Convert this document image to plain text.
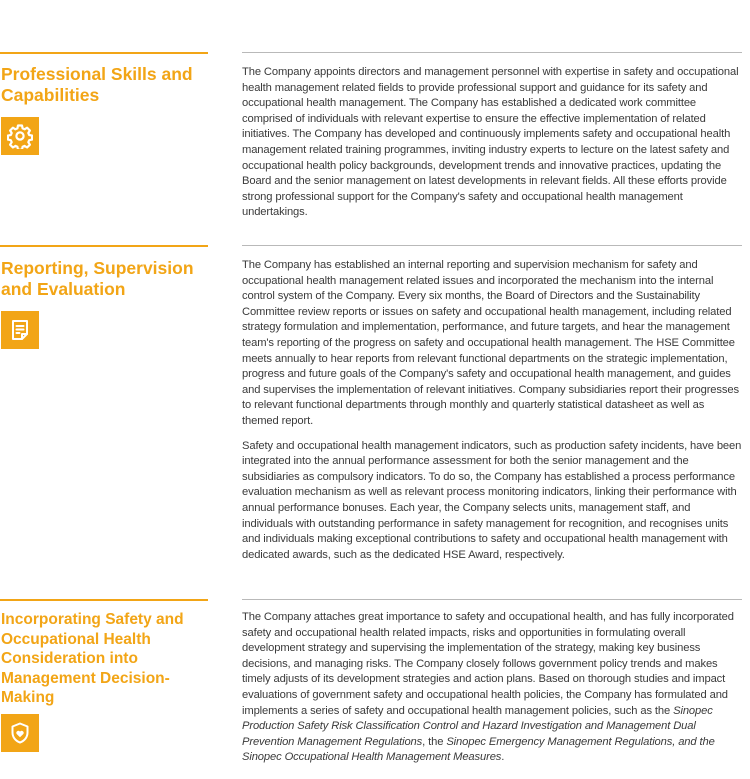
Professional Skills and Capabilities

The Company appoints directors and management personnel with expertise in safety and occupational health management related fields to provide professional support and guidance for its safety and occupational health management. The Company has established a dedicated work committee comprised of individuals with relevant expertise to ensure the effective implementation of related initiatives. The Company has developed and continuously implements safety and occupational health management related training programmes, inviting industry experts to lecture on the latest safety and occupational health policy backgrounds, development trends and innovative practices, updating the Board and the senior management on latest developments in relevant fields. All these efforts provide strong professional support for the Company's safety and occupational health management undertakings.

Reporting, Supervision and Evaluation

The Company has established an internal reporting and supervision mechanism for safety and occupational health management related issues and incorporated the mechanism into the internal control system of the Company. Every six months, the Board of Directors and the Sustainability Committee review reports or issues on safety and occupational health management, including related strategy formulation and implementation, performance, and future targets, and hear the management team's reporting of the progress on safety and occupational health management. The HSE Committee meets annually to hear reports from relevant functional departments on the strategic implementation, progress and future goals of the Company's safety and occupational health management, and guides and supervises the implementation of relevant initiatives. Company subsidiaries report their progresses to relevant functional departments through monthly and quarterly statistical datasheet as well as themed report.

Safety and occupational health management indicators, such as production safety incidents, have been integrated into the annual performance assessment for both the senior management and the subsidiaries as compulsory indicators. To do so, the Company has established a process performance evaluation mechanism as well as relevant process monitoring indicators, linking their performance with annual performance bonuses. Each year, the Company selects units, management staff, and individuals with outstanding performance in safety management for recognition, and recognises units and individuals making exceptional contributions to safety and occupational health management with dedicated awards, such as the dedicated HSE Award, respectively.

Incorporating Safety and Occupational Health Consideration into Management Decision-Making

The Company attaches great importance to safety and occupational health, and has fully incorporated safety and occupational health related impacts, risks and opportunities in formulating overall development strategy and supervising the implementation of the strategy, making key business decisions, and managing risks. The Company closely follows government policy trends and makes timely adjusts of its development strategies and action plans. Based on thorough studies and impact evaluations of government safety and occupational health policies, the Company has formulated and implements a series of safety and occupational health management policies, such as the Sinopec Production Safety Risk Classification Control and Hazard Investigation and Management Dual Prevention Management Regulations, the Sinopec Emergency Management Regulations, and the Sinopec Occupational Health Management Measures.
